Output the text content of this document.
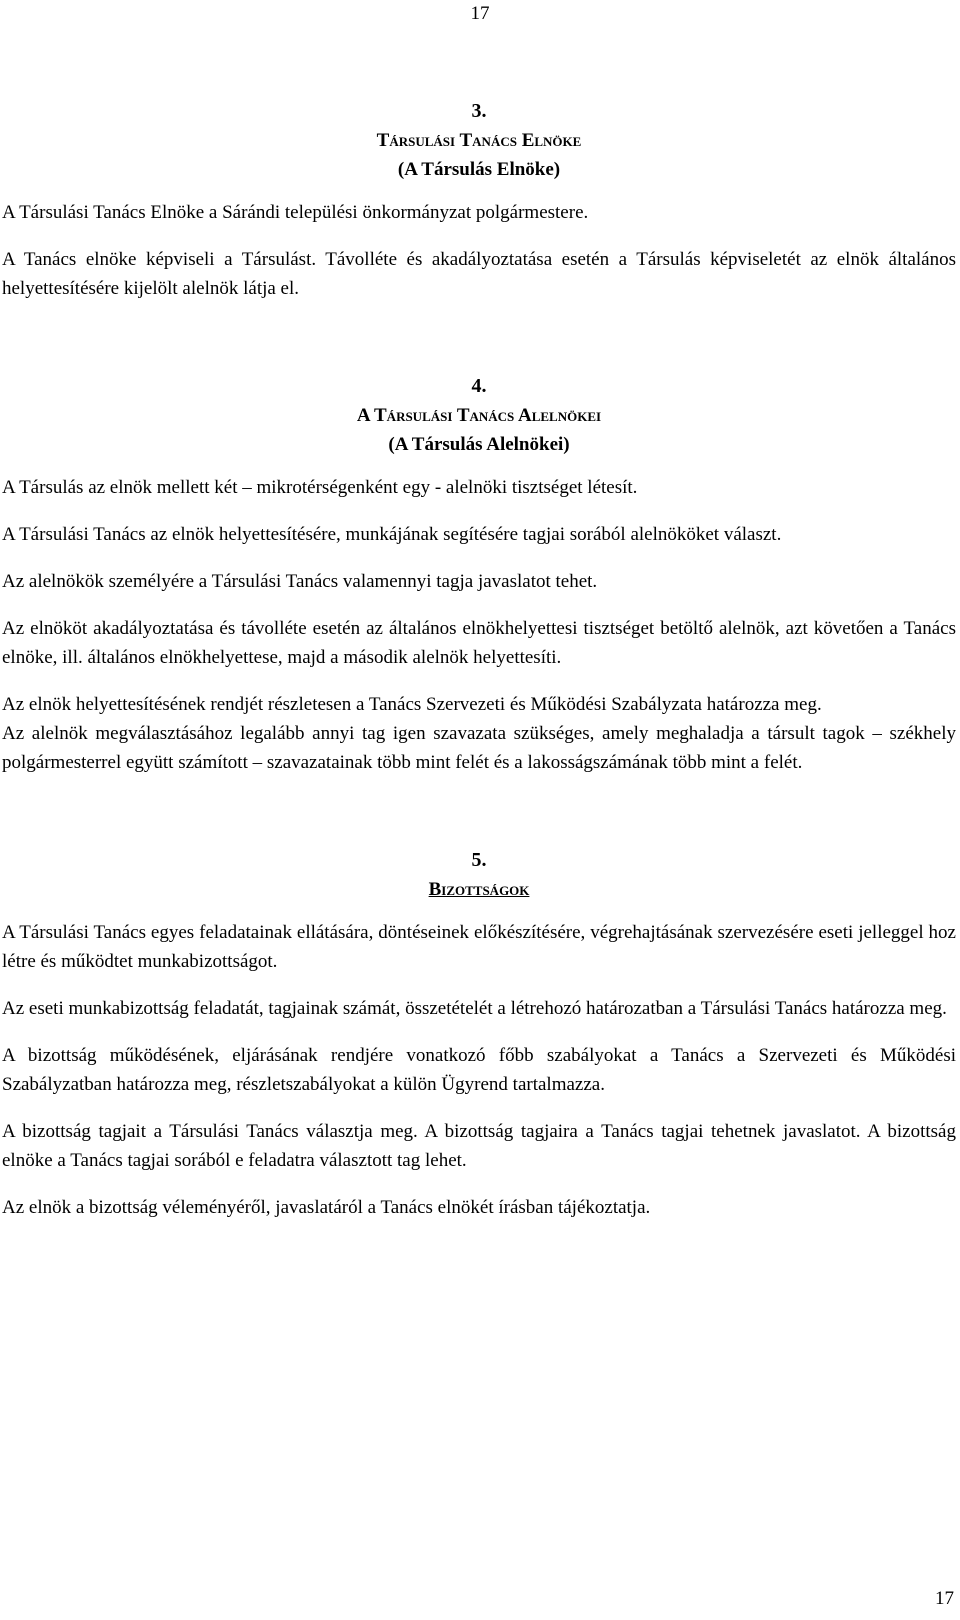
17
3.
Társulási Tanács Elnöke
(A Társulás Elnöke)

A Társulási Tanács Elnöke a Sárándi települési önkormányzat polgármestere.

A Tanács elnöke képviseli a Társulást. Távolléte és akadályoztatása esetén a Társulás képviseletét az elnök általános helyettesítésére kijelölt alelnök látja el.

4.
A Társulási Tanács Alelnökei
(A Társulás Alelnökei)

A Társulás az elnök mellett két – mikrotérségenként egy - alelnöki tisztséget létesít.

A Társulási Tanács az elnök helyettesítésére, munkájának segítésére tagjai sorából alelnököket választ.

Az alelnökök személyére a Társulási Tanács valamennyi tagja javaslatot tehet.

Az elnököt akadályoztatása és távolléte esetén az általános elnökhelyettesi tisztséget betöltő alelnök, azt követően a Tanács elnöke, ill. általános elnökhelyettese, majd a második alelnök helyettesíti.

Az elnök helyettesítésének rendjét részletesen a Tanács Szervezeti és Működési Szabályzata határozza meg.

Az alelnök megválasztásához legalább annyi tag igen szavazata szükséges, amely meghaladja a társult tagok – székhely polgármesterrel együtt számított – szavazatainak több mint felét és a lakosságszámának több mint a felét.

5.
Bizottságok

A Társulási Tanács egyes feladatainak ellátására, döntéseinek előkészítésére, végrehajtásának szervezésére eseti jelleggel hoz létre és működtet munkabizottságot.

Az eseti munkabizottság feladatát, tagjainak számát, összetételét a létrehozó határozatban a Társulási Tanács határozza meg.

A bizottság működésének, eljárásának rendjére vonatkozó főbb szabályokat a Tanács a Szervezeti és Működési Szabályzatban határozza meg, részletszabályokat a külön Ügyrend tartalmazza.

A bizottság tagjait a Társulási Tanács választja meg. A bizottság tagjaira a Tanács tagjai tehetnek javaslatot. A bizottság elnöke a Tanács tagjai sorából e feladatra választott tag lehet.

Az elnök a bizottság véleményéről, javaslatáról a Tanács elnökét írásban tájékoztatja.

17
